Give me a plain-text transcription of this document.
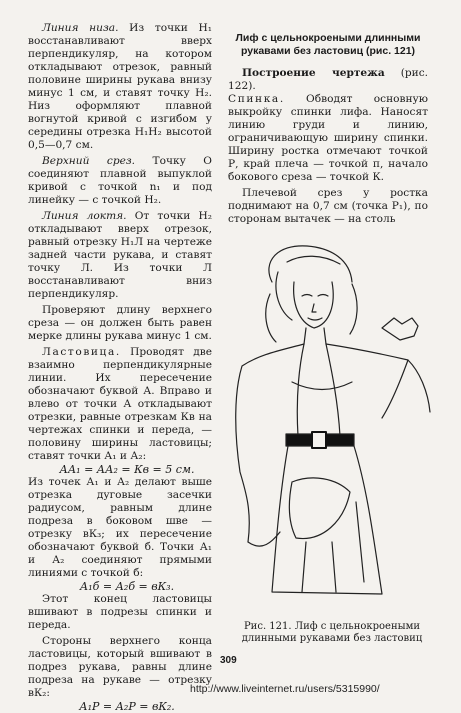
Линия низа. Из точки Н₁ восстанавливают вверх перпендикуляр, на котором откладывают отрезок, равный половине ширины рукава внизу минус 1 см, и ставят точку Н₂. Низ оформляют плавной вогнутой кривой с изгибом у середины отрезка Н₁Н₂ высотой 0,5—0,7 см.

Верхний срез. Точку О соединяют плавной выпуклой кривой с точкой n₁ и под линейку — с точкой Н₂.

Линия локтя. От точки Н₂ откладывают вверх отрезок, равный отрезку Н₁Л на чертеже задней части рукава, и ставят точку Л. Из точки Л восстанавливают вниз перпендикуляр.

Проверяют длину верхнего среза — он должен быть равен мерке длины рукава минус 1 см.

Ластовица. Проводят две взаимно перпендикулярные линии. Их пересечение обозначают буквой А. Вправо и влево от точки А откладывают отрезки, равные отрезкам Кв на чертежах спинки и переда, — половину ширины ластовицы; ставят точки А₁ и А₂:

АА₁ = АА₂ = Кв = 5 см.

Из точек А₁ и А₂ делают выше отрезка дуговые засечки радиусом, равным длине подреза в боковом шве — отрезку вК₃; их пересечение обозначают буквой б. Точки А₁ и А₂ соединяют прямыми линиями с точкой б:

А₁б = А₂б = вК₃.

Этот конец ластовицы вшивают в подрезы спинки и переда.

Стороны верхнего конца ластовицы, который вшивают в подрез рукава, равны длине подреза на рукаве — отрезку вК₂:

А₁Р = А₂Р = вК₂.

Лиф с цельнокроеными длинными рукавами без ластовиц (рис. 121)

Построение чертежа (рис. 122).

Спинка. Обводят основную выкройку спинки лифа. Наносят линию груди и линию, ограничивающую ширину спинки. Ширину ростка отмечают точкой Р, край плеча — точкой п, начало бокового среза — точкой К.

Плечевой срез у ростка поднимают на 0,7 см (точка Р₁), по сторонам вытачек — на столь

Рис. 121. Лиф с цельнокроеными длинными рукавами без ластовиц
309
http://www.liveinternet.ru/users/5315990/
